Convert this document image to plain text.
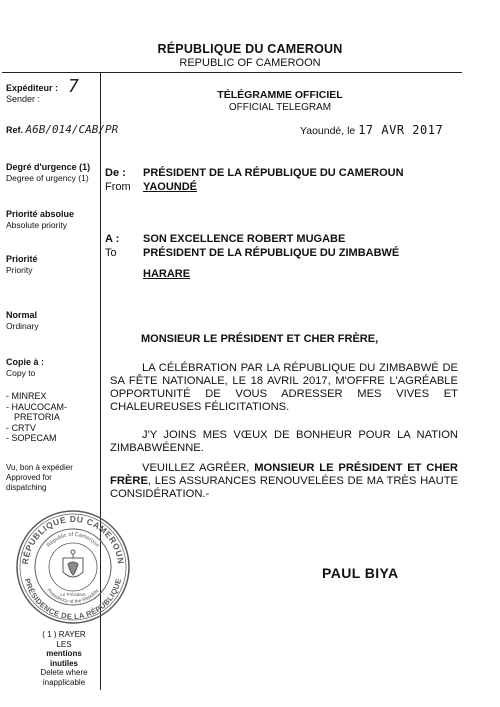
RÉPUBLIQUE DU CAMEROUN
REPUBLIC OF CAMEROON
Expéditeur :
Sender :
7
Ref. A6B/014/CAB/PR
Degré d'urgence (1)
Degree of urgency (1)
Priorité absolue
Absolute priority
Priorité
Priority
Normal
Ordinary
Copie à :
Copy to
- MINREX
- HAUCOCAM-
PRETORIA
- CRTV
- SOPECAM
Vu, bon à expédier
Approved for
dispatching
RÉPUBLIQUE DU CAMEROUN
PRÉSIDENCE DE LA RÉPUBLIQUE
Republic of Cameroon
Presidency of the Republic
Le Président
( 1 ) RAYER LES
mentions inutiles
Delete where
inapplicable
TÉLÉGRAMME OFFICIEL
OFFICIAL TELEGRAM
Yaoundé, le 17 AVR 2017
De :
From
PRÉSIDENT DE LA RÉPUBLIQUE DU CAMEROUN
YAOUNDÉ
A :
To
SON EXCELLENCE ROBERT MUGABE
PRÉSIDENT DE LA RÉPUBLIQUE DU ZIMBABWÉ
HARARE
MONSIEUR LE PRÉSIDENT ET CHER FRÈRE,
LA CÉLÉBRATION PAR LA RÉPUBLIQUE DU ZIMBABWÉ DE SA FÊTE NATIONALE, LE 18 AVRIL 2017, M'OFFRE L'AGRÉABLE OPPORTUNITÉ DE VOUS ADRESSER MES VIVES ET CHALEUREUSES FÉLICITATIONS.
J'Y JOINS MES VŒUX DE BONHEUR POUR LA NATION ZIMBABWÉENNE.
VEUILLEZ AGRÉER, MONSIEUR LE PRÉSIDENT ET CHER FRÈRE, LES ASSURANCES RENOUVELÉES DE MA TRÈS HAUTE CONSIDÉRATION.-
PAUL BIYA
